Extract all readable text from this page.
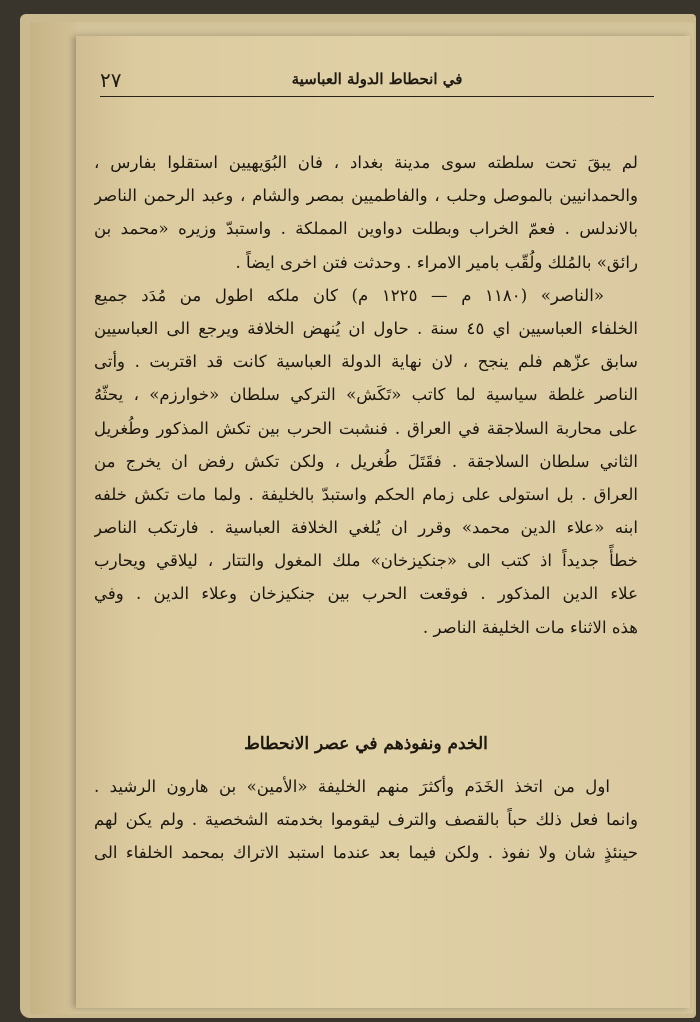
٢٧	في انحطاط الدولة العباسية
لم يبقَ تحت سلطته سوى مدينة بغداد ، فان البُوَيهيين استقلوا بفارس ،
والحمدانيين بالموصل وحلب ، والفاطميين بمصر والشام ، وعبد الرحمن الناصر
بالاندلس . فعمّ الخراب وبطلت دواوين المملكة . واستبدّ وزيره «محمد بن
رائق» بالمُلك ولُقّب بامير الامراء . وحدثت فتن اخرى ايضاً .
«الناصر» (١١٨٠ م — ١٢٢٥ م) كان ملكه اطول من مُدَد جميع
الخلفاء العباسيين اي ٤٥ سنة . حاول ان يُنهض الخلافة ويرجع الى العباسيين
سابق عزّهم فلم ينجح ، لان نهاية الدولة العباسية كانت قد اقتربت . وأتى
الناصر غلطة سياسية لما كاتب «تَكَش» التركي سلطان «خوارزم» ، يحثّهُ
على محاربة السلاجقة في العراق . فنشبت الحرب بين تكش المذكور وطُغريل
الثاني سلطان السلاجقة . فقَتَلَ طُغريل ، ولكن تكش رفض ان يخرج من
العراق . بل استولى على زمام الحكم واستبدّ بالخليفة . ولما مات تكش خلفه
ابنه «علاء الدين محمد» وقرر ان يُلغي الخلافة العباسية . فارتكب الناصر
خطأً جديداً اذ كتب الى «جنكيزخان» ملك المغول والتتار ، ليلاقي ويحارب
علاء الدين المذكور . فوقعت الحرب بين جنكيزخان وعلاء الدين . وفي
هذه الاثناء مات الخليفة الناصر .
الخدم ونفوذهم في عصر الانحطاط
اول من اتخذ الخَدَم وأكثرَ منهم الخليفة «الأمين» بن هارون الرشيد .
وانما فعل ذلك حباً بالقصف والترف ليقوموا بخدمته الشخصية . ولم يكن لهم
حينئذٍ شان ولا نفوذ . ولكن فيما بعد عندما استبد الاتراك بمحمد الخلفاء الى
